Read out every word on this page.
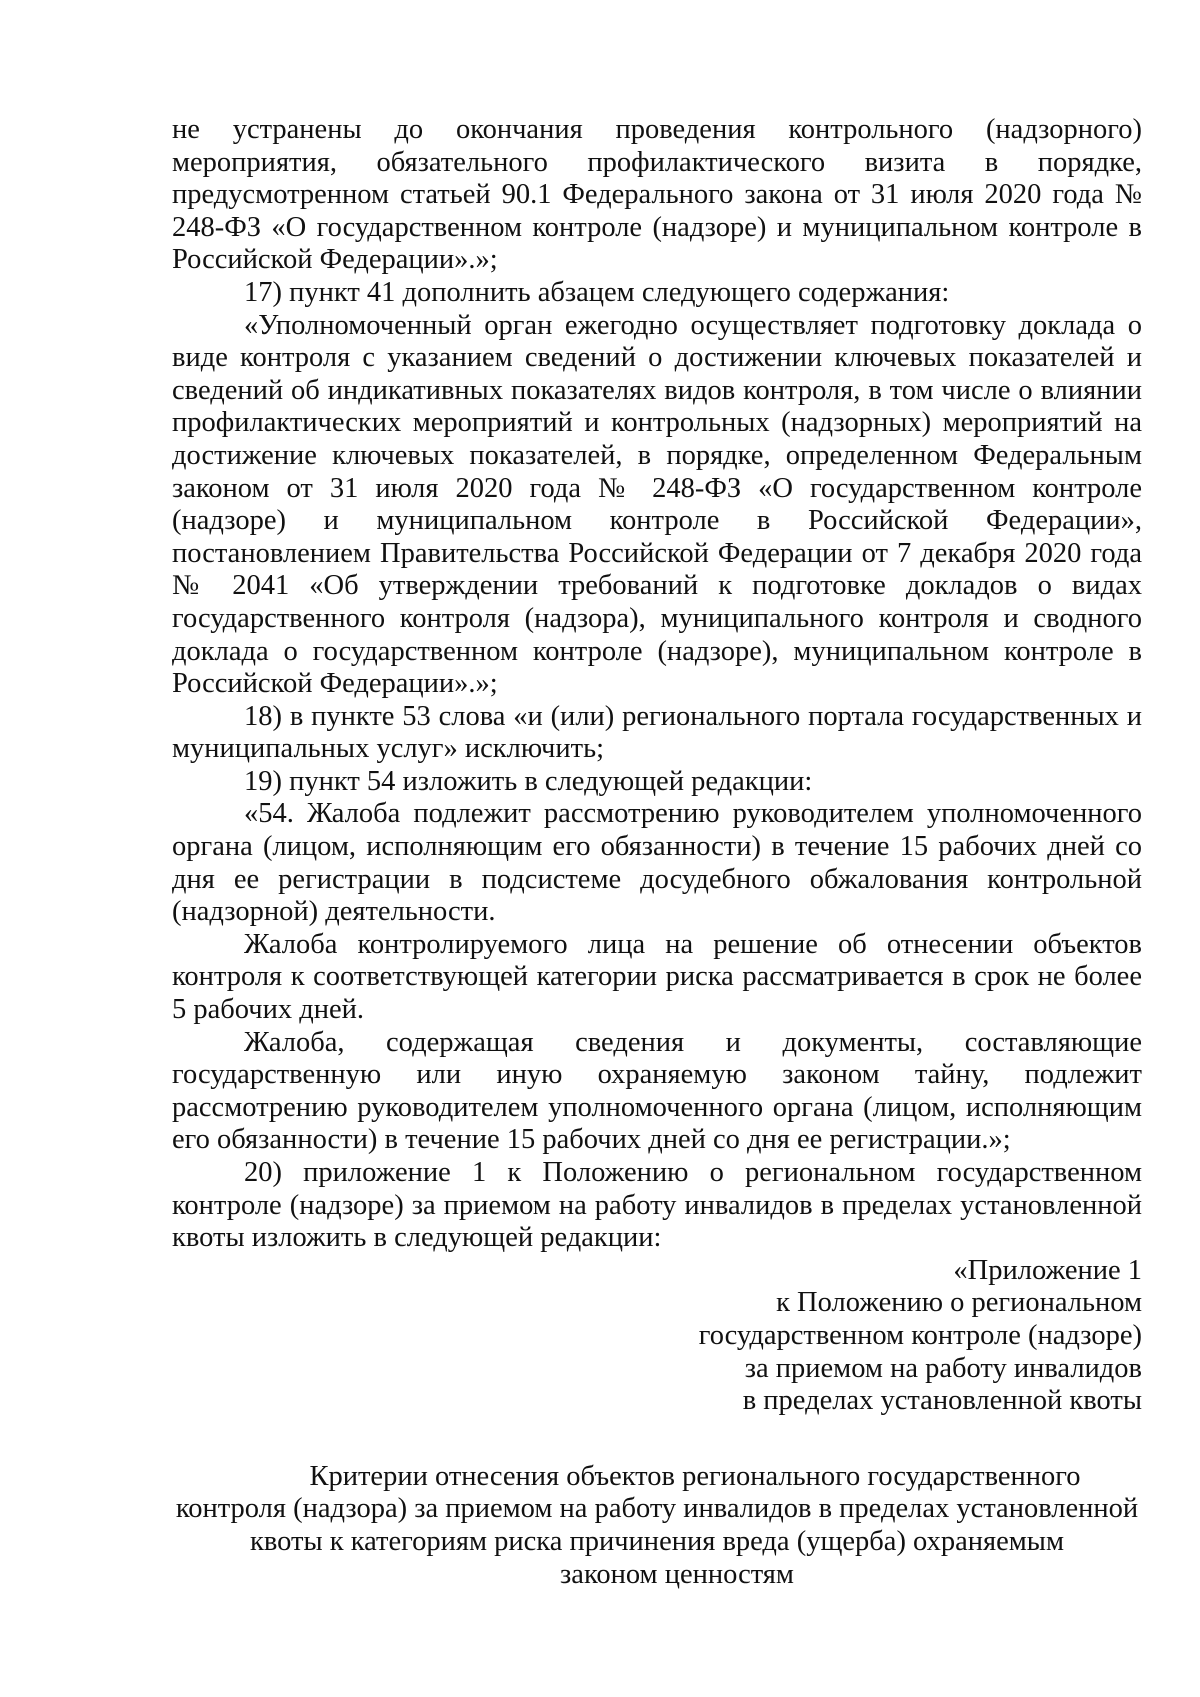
не устранены до окончания проведения контрольного (надзорного) мероприятия, обязательного профилактического визита в порядке, предусмотренном статьей 90.1 Федерального закона от 31 июля 2020 года № 248-ФЗ «О государственном контроле (надзоре) и муниципальном контроле в Российской Федерации».»;

17) пункт 41 дополнить абзацем следующего содержания:

«Уполномоченный орган ежегодно осуществляет подготовку доклада о виде контроля с указанием сведений о достижении ключевых показателей и сведений об индикативных показателях видов контроля, в том числе о влиянии профилактических мероприятий и контрольных (надзорных) мероприятий на достижение ключевых показателей, в порядке, определенном Федеральным законом от 31 июля 2020 года № 248-ФЗ «О государственном контроле (надзоре) и муниципальном контроле в Российской Федерации», постановлением Правительства Российской Федерации от 7 декабря 2020 года № 2041 «Об утверждении требований к подготовке докладов о видах государственного контроля (надзора), муниципального контроля и сводного доклада о государственном контроле (надзоре), муниципальном контроле в Российской Федерации».»;

18) в пункте 53 слова «и (или) регионального портала государственных и муниципальных услуг» исключить;

19) пункт 54 изложить в следующей редакции:

«54. Жалоба подлежит рассмотрению руководителем уполномоченного органа (лицом, исполняющим его обязанности) в течение 15 рабочих дней со дня ее регистрации в подсистеме досудебного обжалования контрольной (надзорной) деятельности.

Жалоба контролируемого лица на решение об отнесении объектов контроля к соответствующей категории риска рассматривается в срок не более 5 рабочих дней.

Жалоба, содержащая сведения и документы, составляющие государственную или иную охраняемую законом тайну, подлежит рассмотрению руководителем уполномоченного органа (лицом, исполняющим его обязанности) в течение 15 рабочих дней со дня ее регистрации.»;

20) приложение 1 к Положению о региональном государственном контроле (надзоре) за приемом на работу инвалидов в пределах установленной квоты изложить в следующей редакции:

«Приложение 1
к Положению о региональном
государственном контроле (надзоре)
за приемом на работу инвалидов
в пределах установленной квоты
Критерии отнесения объектов регионального государственного
контроля (надзора) за приемом на работу инвалидов в пределах установленной
квоты к категориям риска причинения вреда (ущерба) охраняемым
законом ценностям
